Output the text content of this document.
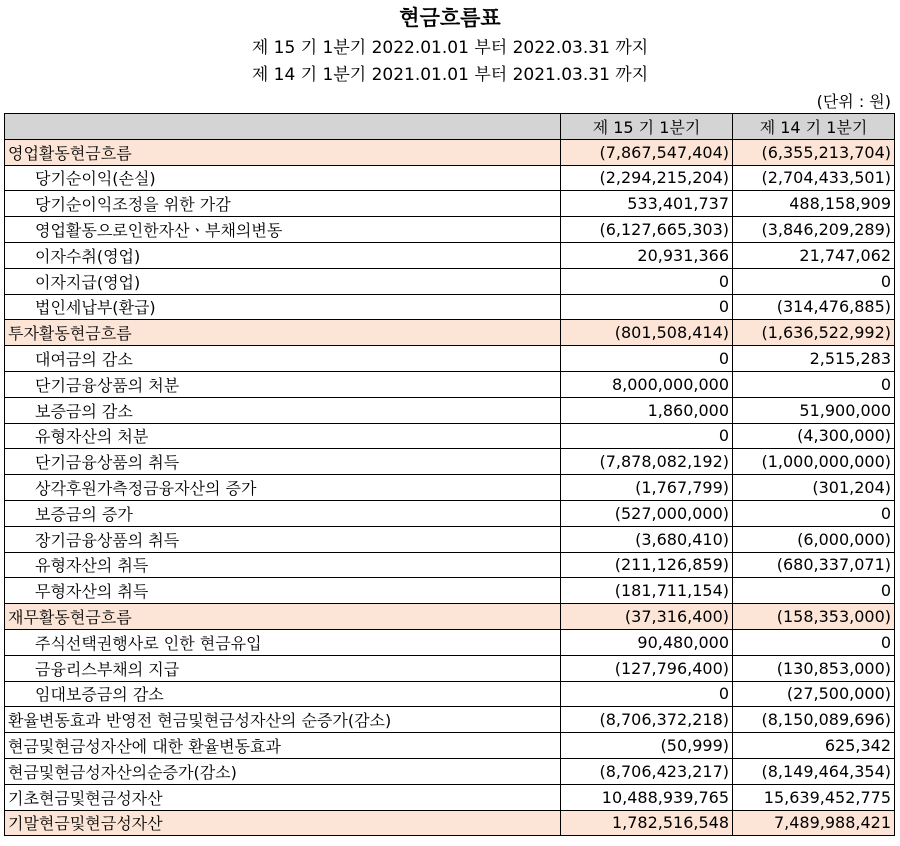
현금흐름표
제 15 기 1분기 2022.01.01 부터 2022.03.31 까지
제 14 기 1분기 2021.01.01 부터 2021.03.31 까지
(단위 : 원)
	제 15 기 1분기	제 14 기 1분기
영업활동현금흐름	(7,867,547,404)	(6,355,213,704)
당기순이익(손실)	(2,294,215,204)	(2,704,433,501)
당기순이익조정을 위한 가감	533,401,737	488,158,909
영업활동으로인한자산ㆍ부채의변동	(6,127,665,303)	(3,846,209,289)
이자수취(영업)	20,931,366	21,747,062
이자지급(영업)	0	0
법인세납부(환급)	0	(314,476,885)
투자활동현금흐름	(801,508,414)	(1,636,522,992)
대여금의 감소	0	2,515,283
단기금융상품의 처분	8,000,000,000	0
보증금의 감소	1,860,000	51,900,000
유형자산의 처분	0	(4,300,000)
단기금융상품의 취득	(7,878,082,192)	(1,000,000,000)
상각후원가측정금융자산의 증가	(1,767,799)	(301,204)
보증금의 증가	(527,000,000)	0
장기금융상품의 취득	(3,680,410)	(6,000,000)
유형자산의 취득	(211,126,859)	(680,337,071)
무형자산의 취득	(181,711,154)	0
재무활동현금흐름	(37,316,400)	(158,353,000)
주식선택권행사로 인한 현금유입	90,480,000	0
금융리스부채의 지급	(127,796,400)	(130,853,000)
임대보증금의 감소	0	(27,500,000)
환율변동효과 반영전 현금및현금성자산의 순증가(감소)	(8,706,372,218)	(8,150,089,696)
현금및현금성자산에 대한 환율변동효과	(50,999)	625,342
현금및현금성자산의순증가(감소)	(8,706,423,217)	(8,149,464,354)
기초현금및현금성자산	10,488,939,765	15,639,452,775
기말현금및현금성자산	1,782,516,548	7,489,988,421
